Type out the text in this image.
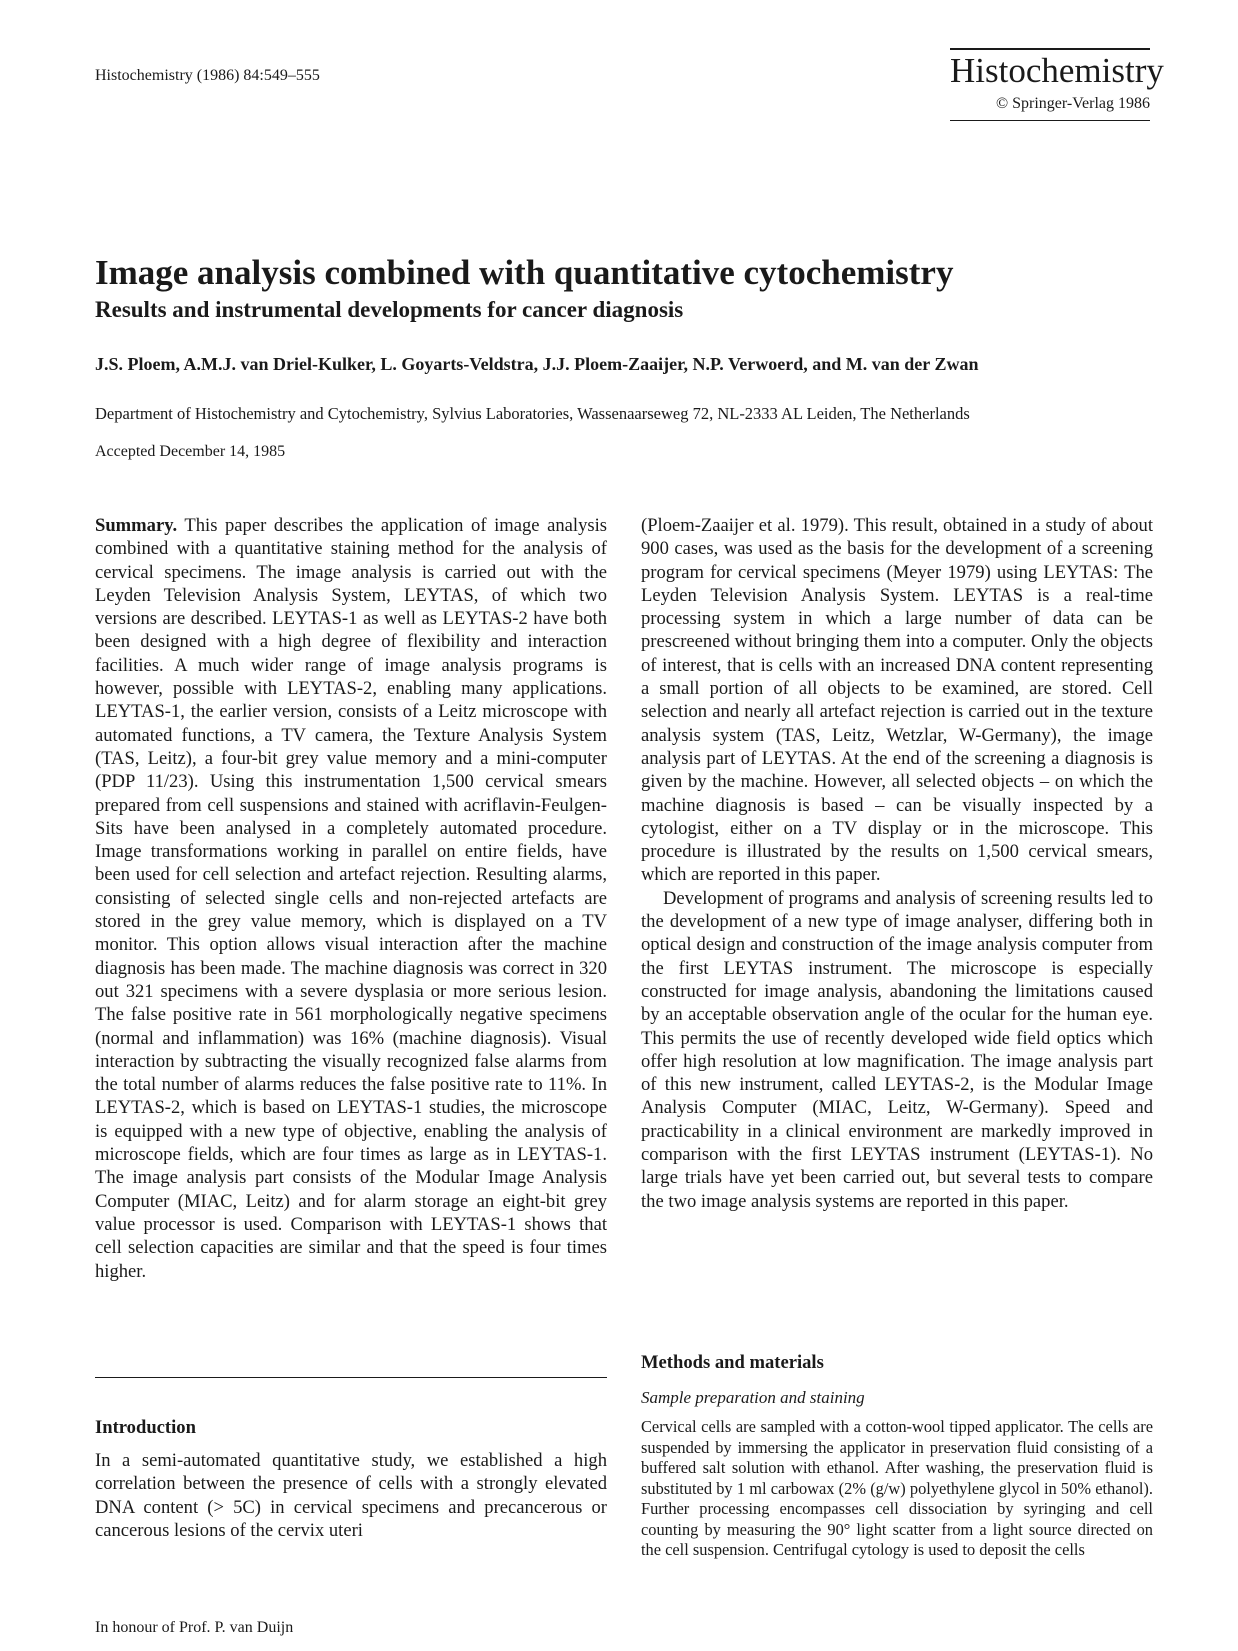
Histochemistry (1986) 84:549–555	Histochemistry
© Springer-Verlag 1986
Image analysis combined with quantitative cytochemistry
Results and instrumental developments for cancer diagnosis
J.S. Ploem, A.M.J. van Driel-Kulker, L. Goyarts-Veldstra, J.J. Ploem-Zaaijer, N.P. Verwoerd, and M. van der Zwan
Department of Histochemistry and Cytochemistry, Sylvius Laboratories, Wassenaarseweg 72, NL-2333 AL Leiden, The Netherlands
Accepted December 14, 1985

Summary. This paper describes the application of image analysis combined with a quantitative staining method for the analysis of cervical specimens. The image analysis is carried out with the Leyden Television Analysis System, LEYTAS, of which two versions are described. LEYTAS-1 as well as LEYTAS-2 have both been designed with a high degree of flexibility and interaction facilities. A much wider range of image analysis programs is however, possible with LEYTAS-2, enabling many applications. LEYTAS-1, the earlier version, consists of a Leitz microscope with automated functions, a TV camera, the Texture Analysis System (TAS, Leitz), a four-bit grey value memory and a mini-computer (PDP 11/23). Using this instrumentation 1,500 cervical smears prepared from cell suspensions and stained with acriflavin-Feulgen-Sits have been analysed in a completely automated procedure. Image transformations working in parallel on entire fields, have been used for cell selection and artefact rejection. Resulting alarms, consisting of selected single cells and non-rejected artefacts are stored in the grey value memory, which is displayed on a TV monitor. This option allows visual interaction after the machine diagnosis has been made. The machine diagnosis was correct in 320 out 321 specimens with a severe dysplasia or more serious lesion. The false positive rate in 561 morphologically negative specimens (normal and inflammation) was 16% (machine diagnosis). Visual interaction by subtracting the visually recognized false alarms from the total number of alarms reduces the false positive rate to 11%. In LEYTAS-2, which is based on LEYTAS-1 studies, the microscope is equipped with a new type of objective, enabling the analysis of microscope fields, which are four times as large as in LEYTAS-1. The image analysis part consists of the Modular Image Analysis Computer (MIAC, Leitz) and for alarm storage an eight-bit grey value processor is used. Comparison with LEYTAS-1 shows that cell selection capacities are similar and that the speed is four times higher.

Introduction

In a semi-automated quantitative study, we established a high correlation between the presence of cells with a strongly elevated DNA content (> 5C) in cervical specimens and precancerous or cancerous lesions of the cervix uteri

(Ploem-Zaaijer et al. 1979). This result, obtained in a study of about 900 cases, was used as the basis for the development of a screening program for cervical specimens (Meyer 1979) using LEYTAS: The Leyden Television Analysis System. LEYTAS is a real-time processing system in which a large number of data can be prescreened without bringing them into a computer. Only the objects of interest, that is cells with an increased DNA content representing a small portion of all objects to be examined, are stored. Cell selection and nearly all artefact rejection is carried out in the texture analysis system (TAS, Leitz, Wetzlar, W-Germany), the image analysis part of LEYTAS. At the end of the screening a diagnosis is given by the machine. However, all selected objects – on which the machine diagnosis is based – can be visually inspected by a cytologist, either on a TV display or in the microscope. This procedure is illustrated by the results on 1,500 cervical smears, which are reported in this paper.

Development of programs and analysis of screening results led to the development of a new type of image analyser, differing both in optical design and construction of the image analysis computer from the first LEYTAS instrument. The microscope is especially constructed for image analysis, abandoning the limitations caused by an acceptable observation angle of the ocular for the human eye. This permits the use of recently developed wide field optics which offer high resolution at low magnification. The image analysis part of this new instrument, called LEYTAS-2, is the Modular Image Analysis Computer (MIAC, Leitz, W-Germany). Speed and practicability in a clinical environment are markedly improved in comparison with the first LEYTAS instrument (LEYTAS-1). No large trials have yet been carried out, but several tests to compare the two image analysis systems are reported in this paper.

Methods and materials
Sample preparation and staining
Cervical cells are sampled with a cotton-wool tipped applicator. The cells are suspended by immersing the applicator in preservation fluid consisting of a buffered salt solution with ethanol. After washing, the preservation fluid is substituted by 1 ml carbowax (2% (g/w) polyethylene glycol in 50% ethanol). Further processing encompasses cell dissociation by syringing and cell counting by measuring the 90° light scatter from a light source directed on the cell suspension. Centrifugal cytology is used to deposit the cells
In honour of Prof. P. van Duijn
